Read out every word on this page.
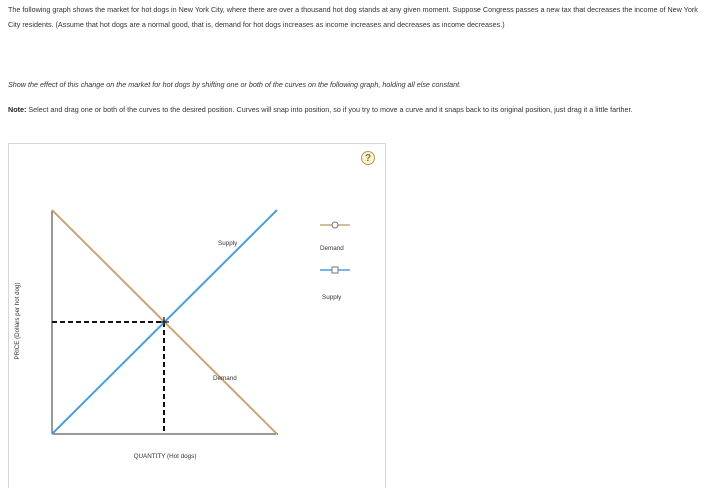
The following graph shows the market for hot dogs in New York City, where there are over a thousand hot dog stands at any given moment. Suppose Congress passes a new tax that decreases the income of New York City residents. (Assume that hot dogs are a normal good, that is, demand for hot dogs increases as income increases and decreases as income decreases.)
Show the effect of this change on the market for hot dogs by shifting one or both of the curves on the following graph, holding all else constant.
Note: Select and drag one or both of the curves to the desired position. Curves will snap into position, so if you try to move a curve and it snaps back to its original position, just drag it a little farther.
?
PRICE (Dollars per hot dog)
QUANTITY (Hot dogs)
Supply
Demand
Demand
Supply
